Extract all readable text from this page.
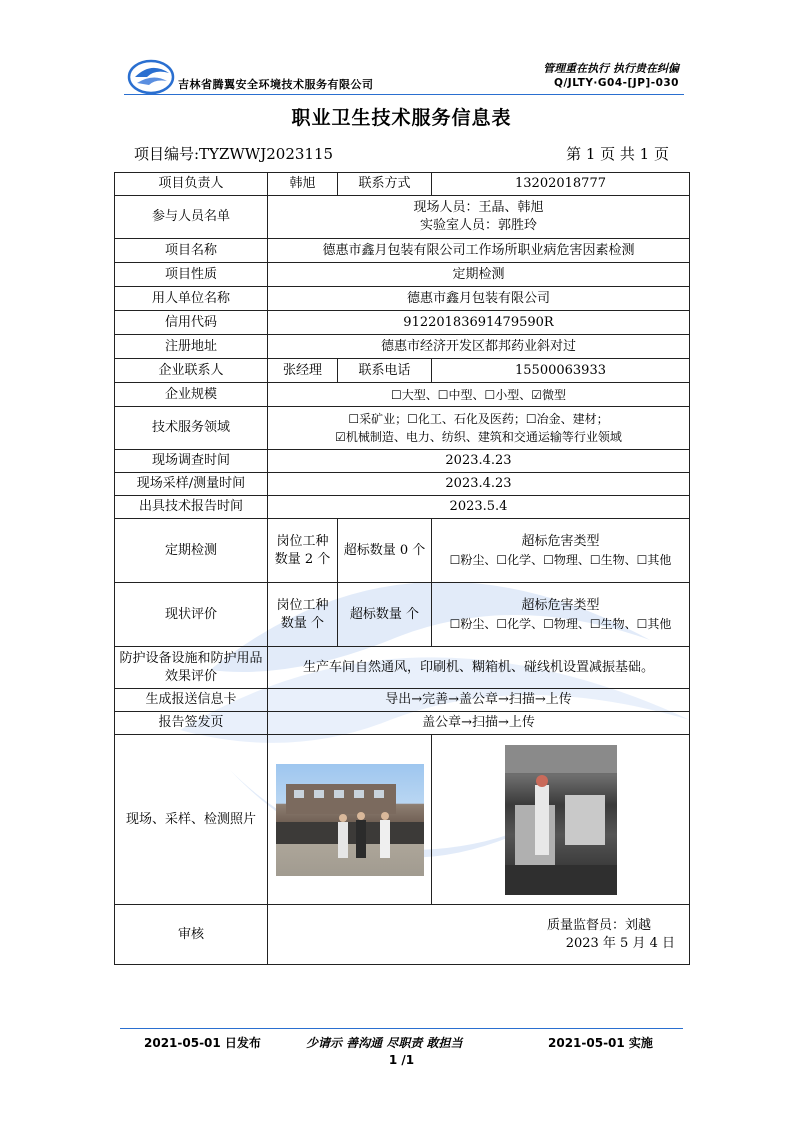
吉林省腾翼安全环境技术服务有限公司
管理重在执行 执行贵在纠偏
Q/JLTY·G04-[JP]-030
职业卫生技术服务信息表
项目编号:TYZWWJ2023115	第 1 页 共 1 页
项目负责人	韩旭	联系方式	13202018777
参与人员名单	现场人员：王晶、韩旭
实验室人员：郭胜玲		

项目名称	德惠市鑫月包装有限公司工作场所职业病危害因素检测		
项目性质	定期检测		
用人单位名称	德惠市鑫月包装有限公司		
信用代码	91220183691479590R		
注册地址	德惠市经济开发区都邦药业斜对过		
企业联系人	张经理	联系电话	15500063933
企业规模	☐大型、☐中型、☐小型、☑微型		
技术服务领域	☐采矿业；☐化工、石化及医药；☐冶金、建材；
☑机械制造、电力、纺织、建筑和交通运输等行业领域		

现场调查时间	2023.4.23		
现场采样/测量时间	2023.4.23		
出具技术报告时间	2023.5.4		
定期检测	岗位工种数量 2 个	超标数量 0 个	超标危害类型
☐粉尘、☐化学、☐物理、☐生物、☐其他

现状评价	岗位工种数量 个	超标数量 个	超标危害类型
☐粉尘、☐化学、☐物理、☐生物、☐其他

防护设备设施和防护用品效果评价	生产车间自然通风，印刷机、糊箱机、碰线机设置减振基础。		
生成报送信息卡	导出→完善→盖公章→扫描→上传		
报告签发页	盖公章→扫描→上传		
现场、采样、检测照片	

审核	质量监督员：刘越
2023 年 5 月 4 日		
2021-05-01 日发布	少请示 善沟通 尽职责 敢担当	2021-05-01 实施
1 /1
